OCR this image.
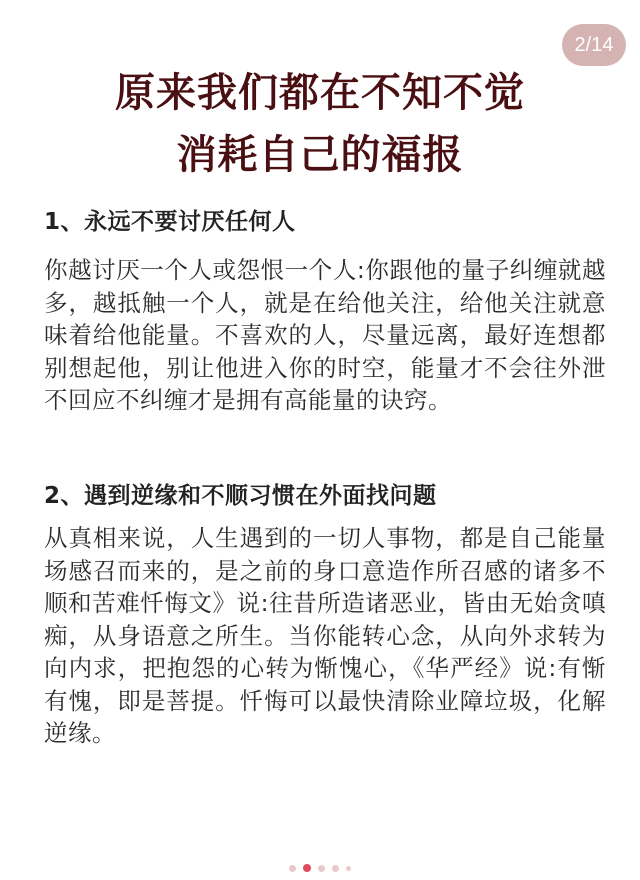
2/14
原来我们都在不知不觉
消耗自己的福报
1、永远不要讨厌任何人
你越讨厌一个人或怨恨一个人:你跟他的量子纠缠就越多，越抵触一个人，就是在给他关注，给他关注就意味着给他能量。不喜欢的人，尽量远离，最好连想都别想起他，别让他进入你的时空，能量才不会往外泄不回应不纠缠才是拥有高能量的诀窍。
2、遇到逆缘和不顺习惯在外面找问题
从真相来说，人生遇到的一切人事物，都是自己能量场感召而来的，是之前的身口意造作所召感的诸多不顺和苦难忏悔文》说:往昔所造诸恶业，皆由无始贪嗔痴，从身语意之所生。当你能转心念，从向外求转为向内求，把抱怨的心转为惭愧心，《华严经》说:有惭有愧，即是菩提。忏悔可以最快清除业障垃圾，化解逆缘。
